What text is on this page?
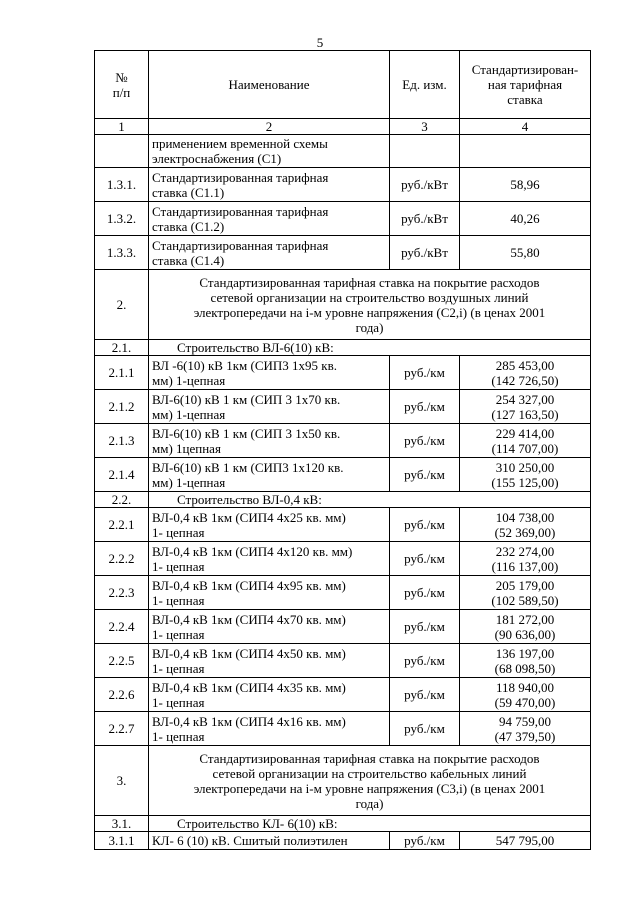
5
№
п/п	Наименование	Ед. изм.	Стандартизирован-
ная тарифная
ставка

1	2	3	4

	применением временной схемы
электроснабжения (С1)		

1.3.1.	Стандартизированная тарифная
ставка (С1.1)	руб./кВт	58,96

1.3.2.	Стандартизированная тарифная
ставка (С1.2)	руб./кВт	40,26

1.3.3.	Стандартизированная тарифная
ставка (С1.4)	руб./кВт	55,80

2.	Стандартизированная тарифная ставка на покрытие расходов
сетевой организации на строительство воздушных линий
электропередачи на i-м уровне напряжения (С2,i) (в ценах 2001
года)		

2.1.	Строительство ВЛ-6(10) кВ:		

2.1.1	ВЛ -6(10) кВ 1км (СИП3 1х95 кв.
мм) 1-цепная	руб./км	285 453,00
(142 726,50)

2.1.2	ВЛ-6(10) кВ 1 км (СИП 3 1х70 кв.
мм) 1-цепная	руб./км	254 327,00
(127 163,50)

2.1.3	ВЛ-6(10) кВ 1 км (СИП 3 1х50 кв.
мм) 1цепная	руб./км	229 414,00
(114 707,00)

2.1.4	ВЛ-6(10) кВ 1 км (СИП3 1х120 кв.
мм) 1-цепная	руб./км	310 250,00
(155 125,00)

2.2.	Строительство ВЛ-0,4 кВ:		

2.2.1	ВЛ-0,4 кВ 1км (СИП4 4х25 кв. мм)
1- цепная	руб./км	104 738,00
(52 369,00)

2.2.2	ВЛ-0,4 кВ 1км (СИП4 4х120 кв. мм)
1- цепная	руб./км	232 274,00
(116 137,00)

2.2.3	ВЛ-0,4 кВ 1км (СИП4 4х95 кв. мм)
1- цепная	руб./км	205 179,00
(102 589,50)

2.2.4	ВЛ-0,4 кВ 1км (СИП4 4х70 кв. мм)
1- цепная	руб./км	181 272,00
(90 636,00)

2.2.5	ВЛ-0,4 кВ 1км (СИП4 4х50 кв. мм)
1- цепная	руб./км	136 197,00
(68 098,50)

2.2.6	ВЛ-0,4 кВ 1км (СИП4 4х35 кв. мм)
1- цепная	руб./км	118 940,00
(59 470,00)

2.2.7	ВЛ-0,4 кВ 1км (СИП4 4х16 кв. мм)
1- цепная	руб./км	94 759,00
(47 379,50)

3.	Стандартизированная тарифная ставка на покрытие расходов
сетевой организации на строительство кабельных линий
электропередачи на i-м уровне напряжения (С3,i) (в ценах 2001
года)		

3.1.	Строительство КЛ- 6(10) кВ:		

3.1.1	КЛ- 6 (10) кВ. Сшитый полиэтилен	руб./км	547 795,00
